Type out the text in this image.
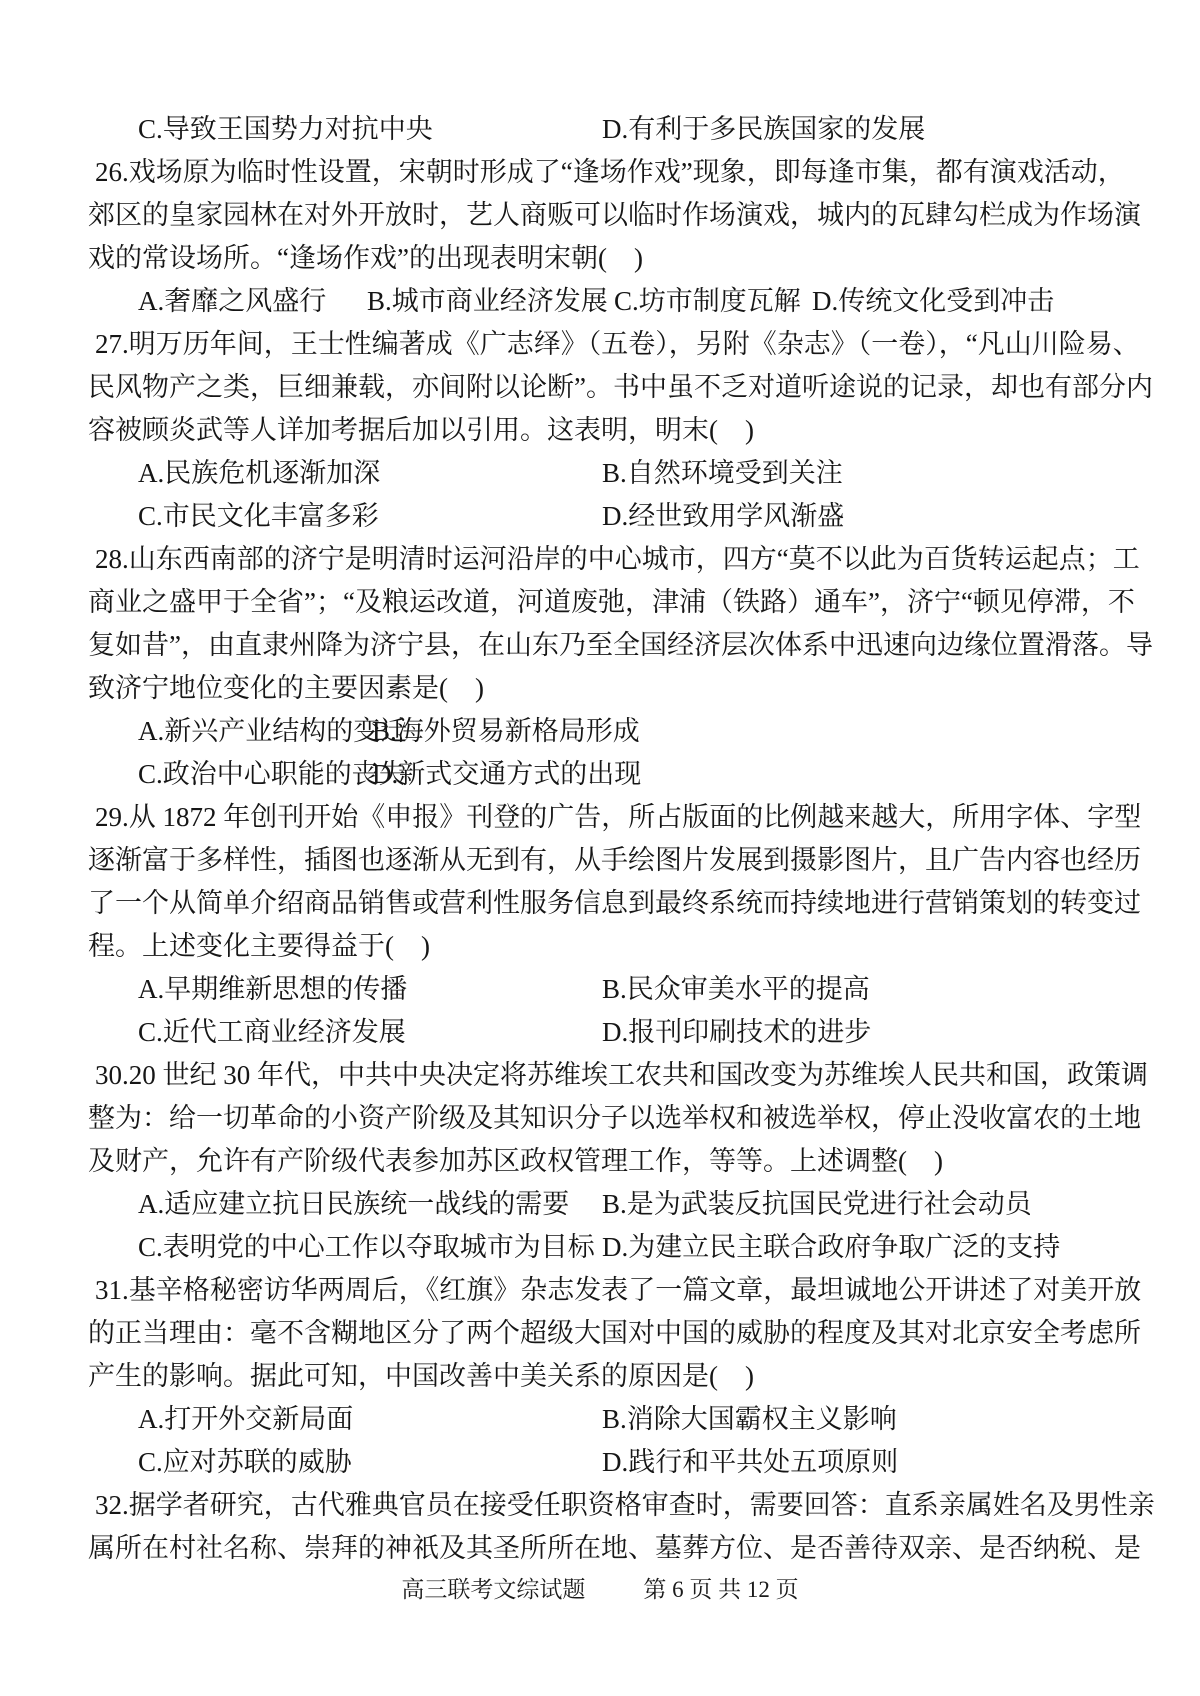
C.导致王国势力对抗中央	D.有利于多民族国家的发展
26.戏场原为临时性设置，宋朝时形成了“逢场作戏”现象，即每逢市集，都有演戏活动，
郊区的皇家园林在对外开放时，艺人商贩可以临时作场演戏，城内的瓦肆勾栏成为作场演
戏的常设场所。“逢场作戏”的出现表明宋朝(　)
A.奢靡之风盛行 B.城市商业经济发展 C.坊市制度瓦解 D.传统文化受到冲击
27.明万历年间，王士性编著成《广志绎》（五卷），另附《杂志》（一卷），“凡山川险易、
民风物产之类，巨细兼载，亦间附以论断”。书中虽不乏对道听途说的记录，却也有部分内
容被顾炎武等人详加考据后加以引用。这表明，明末(　)
A.民族危机逐渐加深	B.自然环境受到关注
C.市民文化丰富多彩	D.经世致用学风渐盛
28.山东西南部的济宁是明清时运河沿岸的中心城市，四方“莫不以此为百货转运起点；工
商业之盛甲于全省”；“及粮运改道，河道废弛，津浦（铁路）通车”，济宁“顿见停滞，不
复如昔”，由直隶州降为济宁县，在山东乃至全国经济层次体系中迅速向边缘位置滑落。导
致济宁地位变化的主要因素是(　)
A.新兴产业结构的变迁
B.海外贸易新格局形成
C.政治中心职能的丧失
D.新式交通方式的出现
29.从 1872 年创刊开始《申报》刊登的广告，所占版面的比例越来越大，所用字体、字型
逐渐富于多样性，插图也逐渐从无到有，从手绘图片发展到摄影图片，且广告内容也经历
了一个从简单介绍商品销售或营利性服务信息到最终系统而持续地进行营销策划的转变过
程。上述变化主要得益于(　)
A.早期维新思想的传播	B.民众审美水平的提高
C.近代工商业经济发展	D.报刊印刷技术的进步
30.20 世纪 30 年代，中共中央决定将苏维埃工农共和国改变为苏维埃人民共和国，政策调
整为：给一切革命的小资产阶级及其知识分子以选举权和被选举权，停止没收富农的土地
及财产，允许有产阶级代表参加苏区政权管理工作，等等。上述调整(　)
A.适应建立抗日民族统一战线的需要 B.是为武装反抗国民党进行社会动员
C.表明党的中心工作以夺取城市为目标 D.为建立民主联合政府争取广泛的支持
31.基辛格秘密访华两周后，《红旗》杂志发表了一篇文章，最坦诚地公开讲述了对美开放
的正当理由：毫不含糊地区分了两个超级大国对中国的威胁的程度及其对北京安全考虑所
产生的影响。据此可知，中国改善中美关系的原因是(　)
A.打开外交新局面	B.消除大国霸权主义影响
C.应对苏联的威胁	D.践行和平共处五项原则
32.据学者研究，古代雅典官员在接受任职资格审查时，需要回答：直系亲属姓名及男性亲
属所在村社名称、崇拜的神祇及其圣所所在地、墓葬方位、是否善待双亲、是否纳税、是
高三联考文综试题	第 6 页 共 12 页
